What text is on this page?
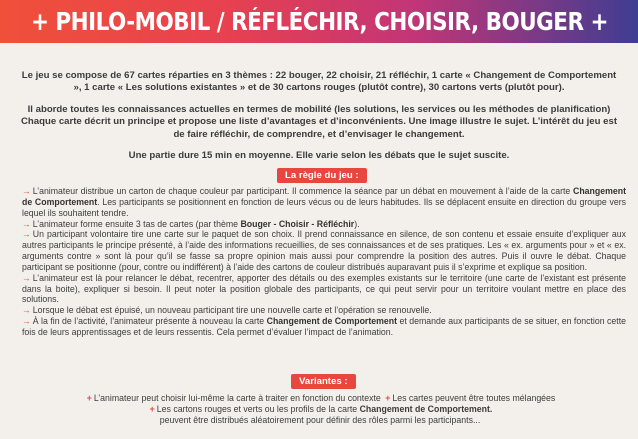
+ PHILO-MOBIL / RÉFLÉCHIR, CHOISIR, BOUGER +

Le jeu se compose de 67 cartes réparties en 3 thèmes : 22 bouger, 22 choisir, 21 réfléchir, 1 carte « Changement de Comportement », 1 carte « Les solutions existantes » et de 30 cartons rouges (plutôt contre), 30 cartons verts (plutôt pour).

Il aborde toutes les connaissances actuelles en termes de mobilité (les solutions, les services ou les méthodes de planification) Chaque carte décrit un principe et propose une liste d’avantages et d’inconvénients. Une image illustre le sujet. L’intérêt du jeu est de faire réfléchir, de comprendre, et d’envisager le changement.

Une partie dure 15 min en moyenne. Elle varie selon les débats que le sujet suscite.

La règle du jeu :
→ L’animateur distribue un carton de chaque couleur par participant. Il commence la séance par un débat en mouvement à l’aide de la carte Changement de Comportement. Les participants se positionnent en fonction de leurs vécus ou de leurs habitudes. Ils se déplacent ensuite en direction du groupe vers lequel ils souhaitent tendre.
→ L’animateur forme ensuite 3 tas de cartes (par thème Bouger - Choisir - Réfléchir).
→ Un participant volontaire tire une carte sur le paquet de son choix. Il prend connaissance en silence, de son contenu et essaie ensuite d’expliquer aux autres participants le principe présenté, à l’aide des informations recueillies, de ses connaissances et de ses pratiques. Les « ex. arguments pour » et « ex. arguments contre » sont là pour qu’il se fasse sa propre opinion mais aussi pour comprendre la position des autres. Puis il ouvre le débat. Chaque participant se positionne (pour, contre ou indifférent) à l’aide des cartons de couleur distribués auparavant puis il s’exprime et explique sa position.
→ L’animateur est là pour relancer le débat, recentrer, apporter des détails ou des exemples existants sur le territoire (une carte de l’existant est présente dans la boite), expliquer si besoin. Il peut noter la position globale des participants, ce qui peut servir pour un territoire voulant mettre en place des solutions.
→ Lorsque le débat est épuisé, un nouveau participant tire une nouvelle carte et l’opération se renouvelle.
→ À la fin de l’activité, l’animateur présente à nouveau la carte Changement de Comportement et demande aux participants de se situer, en fonction cette fois de leurs apprentissages et de leurs ressentis. Cela permet d’évaluer l’impact de l’animation.
Variantes :
+ L’animateur peut choisir lui-même la carte à traiter en fonction du contexte + Les cartes peuvent être toutes mélangées
+ Les cartons rouges et verts ou les profils de la carte Changement de Comportement.
peuvent être distribués aléatoirement pour définir des rôles parmi les participants...
